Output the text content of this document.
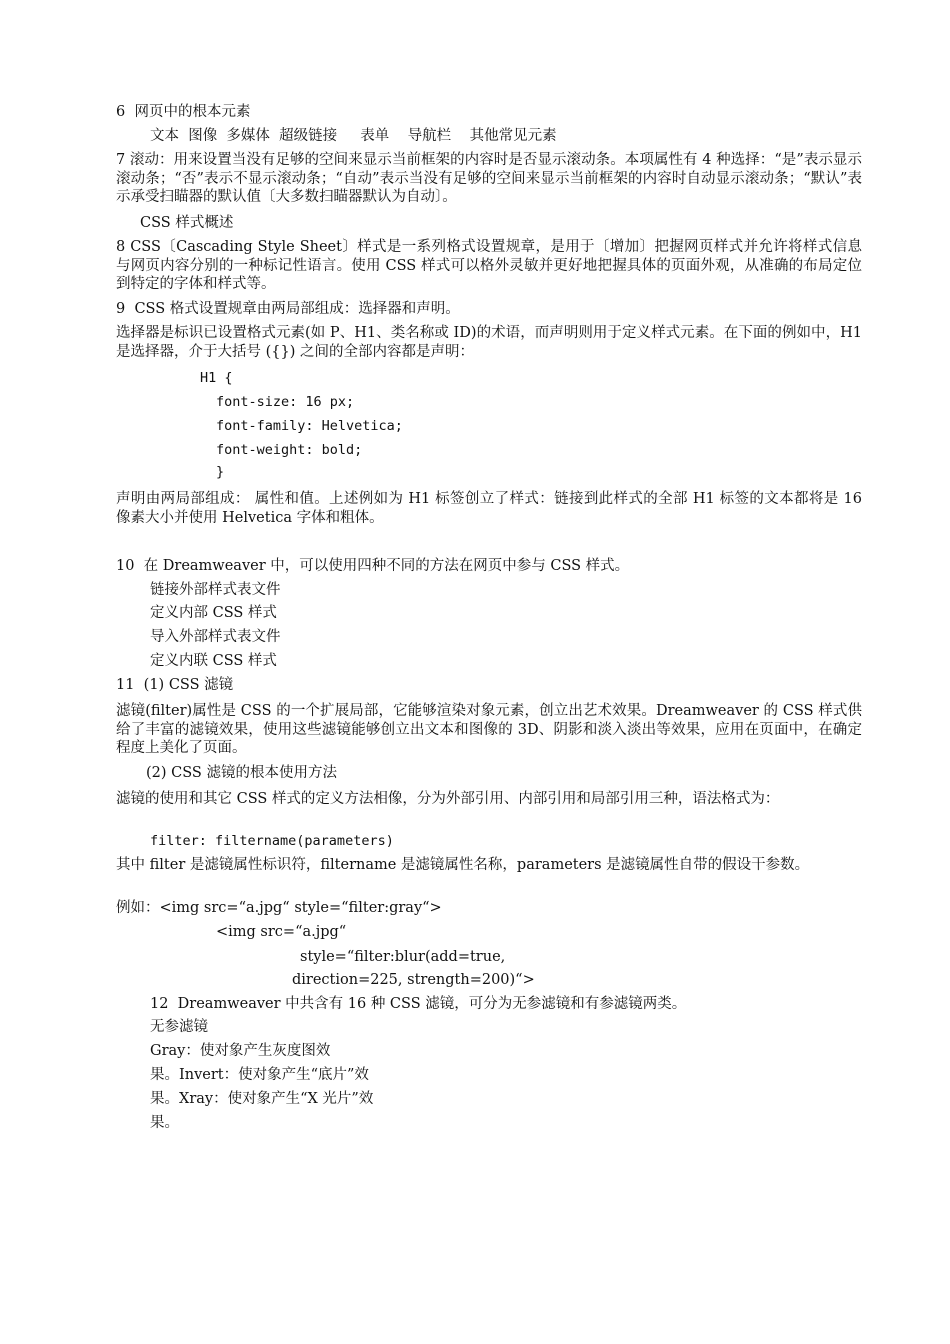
6  网页中的根本元素
文本  图像  多媒体  超级链接     表单    导航栏    其他常见元素
7 滚动：用来设置当没有足够的空间来显示当前框架的内容时是否显示滚动条。本项属性有 4 种选择：“是”表示显示滚动条；“否”表示不显示滚动条；“自动”表示当没有足够的空间来显示当前框架的内容时自动显示滚动条；“默认”表示承受扫瞄器的默认值〔大多数扫瞄器默认为自动〕。
CSS 样式概述
8 CSS〔Cascading Style Sheet〕样式是一系列格式设置规章，是用于〔增加〕把握网页样式并允许将样式信息与网页内容分别的一种标记性语言。使用 CSS 样式可以格外灵敏并更好地把握具体的页面外观，从准确的布局定位到特定的字体和样式等。
9  CSS 格式设置规章由两局部组成：选择器和声明。
选择器是标识已设置格式元素(如 P、H1、类名称或 ID)的术语，而声明则用于定义样式元素。在下面的例如中，H1 是选择器，介于大括号 ({}) 之间的全部内容都是声明：
H1 {
font-size: 16 px;
font-family: Helvetica;
font-weight: bold;
}
声明由两局部组成： 属性和值。上述例如为 H1 标签创立了样式：链接到此样式的全部 H1 标签的文本都将是 16 像素大小并使用 Helvetica 字体和粗体。
10  在 Dreamweaver 中，可以使用四种不同的方法在网页中参与 CSS 样式。
链接外部样式表文件
定义内部 CSS 样式
导入外部样式表文件
定义内联 CSS 样式
11  (1) CSS 滤镜
滤镜(filter)属性是 CSS 的一个扩展局部，它能够渲染对象元素，创立出艺术效果。Dreamweaver 的 CSS 样式供给了丰富的滤镜效果，使用这些滤镜能够创立出文本和图像的 3D、阴影和淡入淡出等效果，应用在页面中，在确定程度上美化了页面。
(2) CSS 滤镜的根本使用方法
滤镜的使用和其它 CSS 样式的定义方法相像，分为外部引用、内部引用和局部引用三种，语法格式为：
filter: filtername(parameters)
其中 filter 是滤镜属性标识符，filtername 是滤镜属性名称，parameters 是滤镜属性自带的假设干参数。
例如：<img src=“a.jpg“ style=“filter:gray“>
<img src=“a.jpg“
style=“filter:blur(add=true,
direction=225, strength=200)“>
12  Dreamweaver 中共含有 16 种 CSS 滤镜，可分为无参滤镜和有参滤镜两类。
无参滤镜
Gray：使对象产生灰度图效
果。Invert：使对象产生“底片”效
果。Xray：使对象产生“X 光片”效
果。
